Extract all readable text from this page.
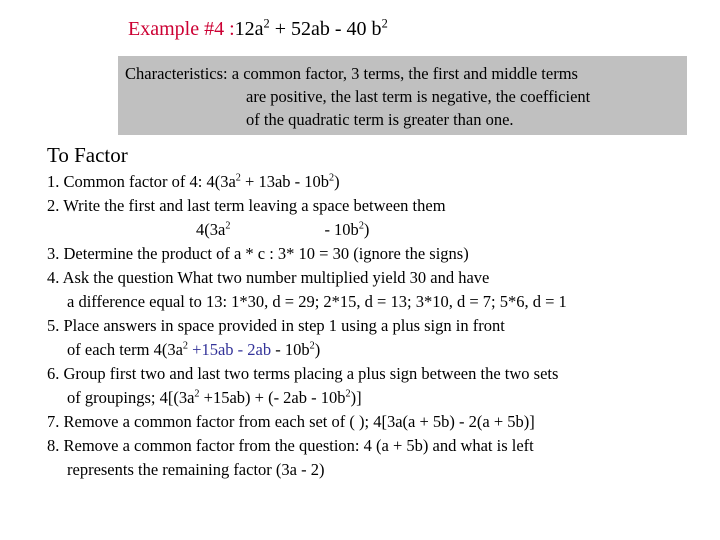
Example #4 $:12a^2 + 52ab - 40$ $b^2$
Characteristics: a common factor, 3 terms, the first and middle terms
are positive, the last term is negative, the coefficient
of the quadratic term is greater than one.
To Factor
1. Common factor of 4: $4(3a^2 + 13ab - 10b^2)$
2. Write the first and last term leaving a space between them
$4(3a^2$	- $10b^2$)
3. Determine the product of a * c : 3* 10 = 30 (ignore the signs)
4. Ask the question What two number multiplied yield 30 and have
a difference equal to 13: 1*30, d = 29; 2*15, d = 13; 3*10, d = 7; 5*6, d = 1
5. Place answers in space provided in step 1 using a plus sign in front
of each term $4(3a^2 +15ab - 2ab - 10b^2)$
6. Group first two and last two terms placing a plus sign between the two sets
of groupings; $4[(3a^2 +15ab)$ + (- $2ab - 10b^2$)]
7. Remove a common factor from each set of ( ); 4[3a(a + 5b) - 2(a + 5b)]
8. Remove a common factor from the question: 4 (a + 5b) and what is left
represents the remaining factor (3a - 2)
